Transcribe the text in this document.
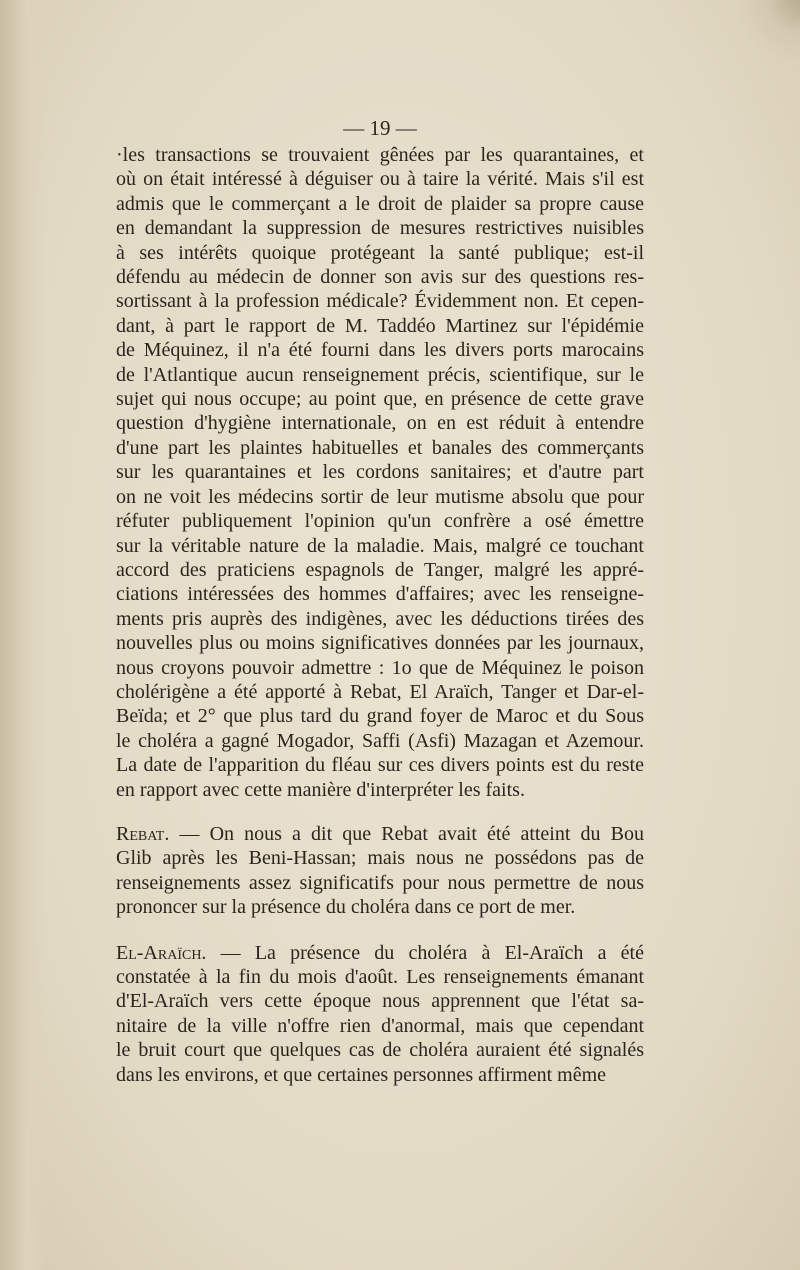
— 19 —
·les transactions se trouvaient gênées par les quarantaines, et
où on était intéressé à déguiser ou à taire la vérité. Mais s'il est
admis que le commerçant a le droit de plaider sa propre cause
en demandant la suppression de mesures restrictives nuisibles
à ses intérêts quoique protégeant la santé publique; est-il
défendu au médecin de donner son avis sur des questions res-
sortissant à la profession médicale? Évidemment non. Et cepen-
dant, à part le rapport de M. Taddéo Martinez sur l'épidémie
de Méquinez, il n'a été fourni dans les divers ports marocains
de l'Atlantique aucun renseignement précis, scientifique, sur le
sujet qui nous occupe; au point que, en présence de cette grave
question d'hygiène internationale, on en est réduit à entendre
d'une part les plaintes habituelles et banales des commerçants
sur les quarantaines et les cordons sanitaires; et d'autre part
on ne voit les médecins sortir de leur mutisme absolu que pour
réfuter publiquement l'opinion qu'un confrère a osé émettre
sur la véritable nature de la maladie. Mais, malgré ce touchant
accord des praticiens espagnols de Tanger, malgré les appré-
ciations intéressées des hommes d'affaires; avec les renseigne-
ments pris auprès des indigènes, avec les déductions tirées des
nouvelles plus ou moins significatives données par les journaux,
nous croyons pouvoir admettre : 1o que de Méquinez le poison
cholérigène a été apporté à Rebat, El Araïch, Tanger et Dar-el-
Beïda; et 2° que plus tard du grand foyer de Maroc et du Sous
le choléra a gagné Mogador, Saffi (Asfi) Mazagan et Azemour.
La date de l'apparition du fléau sur ces divers points est du reste
en rapport avec cette manière d'interpréter les faits.
Rebat. — On nous a dit que Rebat avait été atteint du Bou
Glib après les Beni-Hassan; mais nous ne possédons pas de
renseignements assez significatifs pour nous permettre de nous
prononcer sur la présence du choléra dans ce port de mer.
El-Araïch. — La présence du choléra à El-Araïch a été
constatée à la fin du mois d'août. Les renseignements émanant
d'El-Araïch vers cette époque nous apprennent que l'état sa-
nitaire de la ville n'offre rien d'anormal, mais que cependant
le bruit court que quelques cas de choléra auraient été signalés
dans les environs, et que certaines personnes affirment même
